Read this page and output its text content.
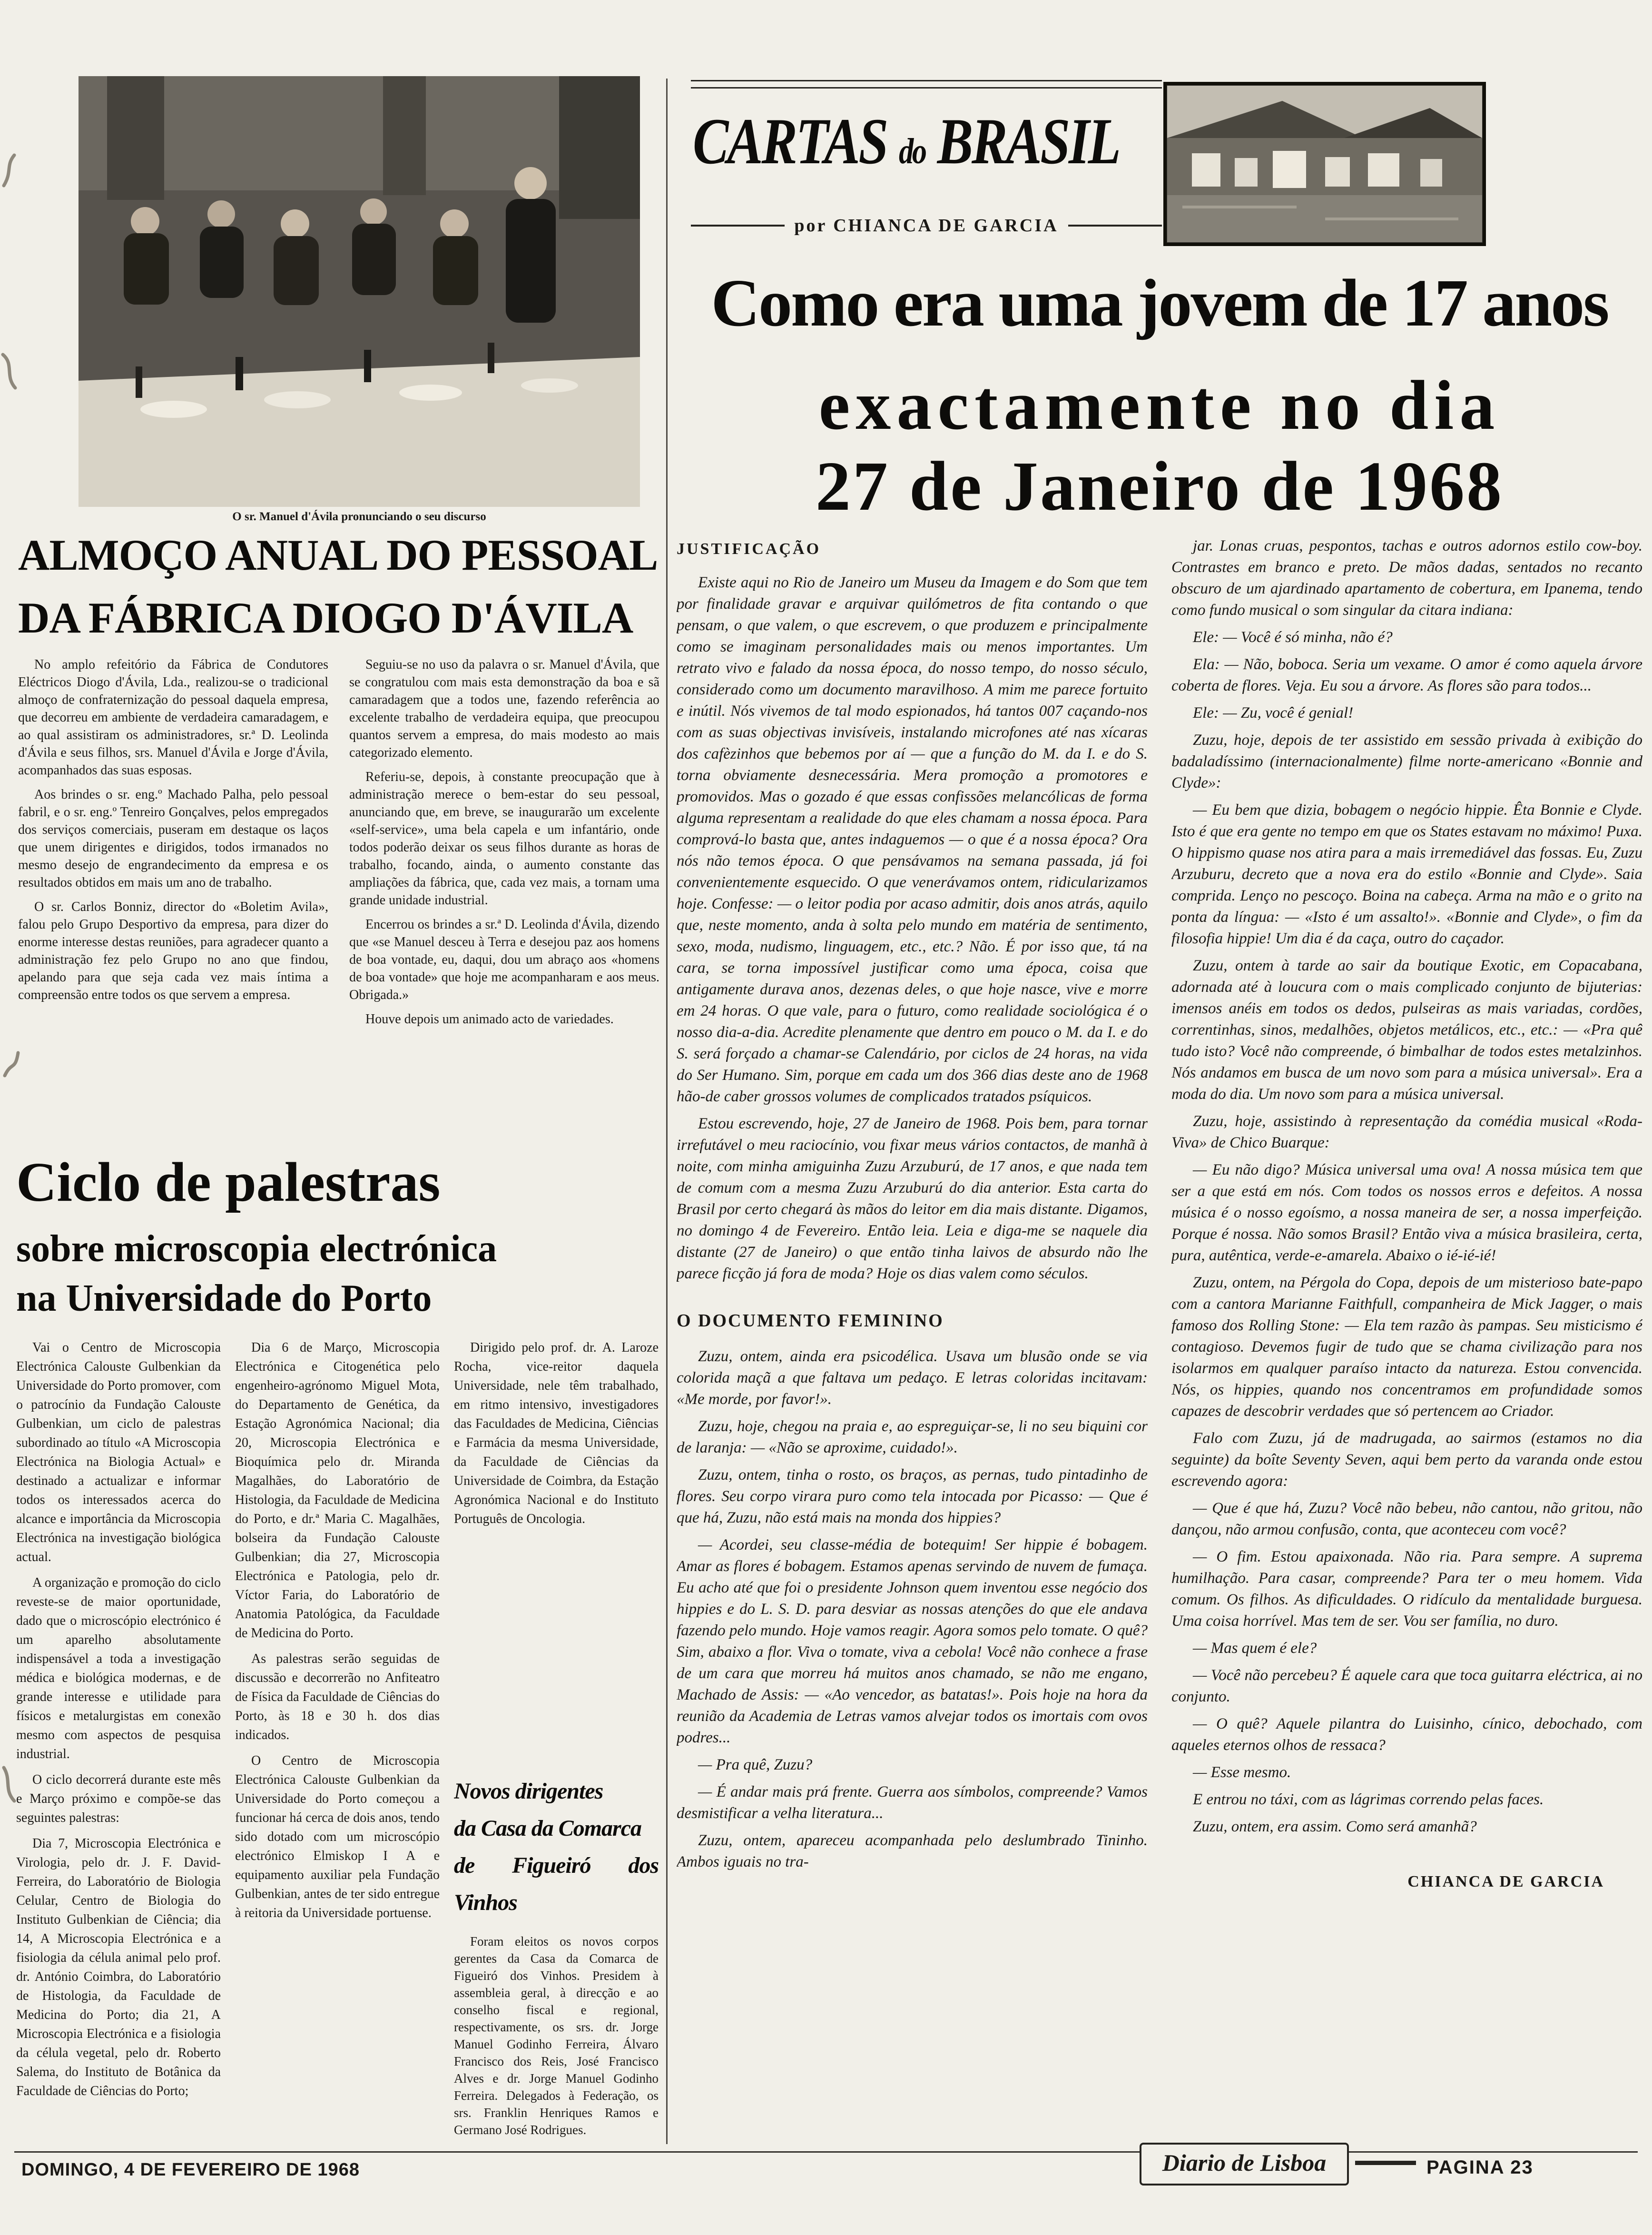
O sr. Manuel d'Ávila pronunciando o seu discurso
ALMOÇO ANUAL DO PESSOAL
DA FÁBRICA DIOGO D'ÁVILA

No amplo refeitório da Fábrica de Condutores Eléctricos Diogo d'Ávila, Lda., realizou-se o tradicional almoço de confraternização do pessoal daquela empresa, que decorreu em ambiente de verdadeira camaradagem, e ao qual assistiram os administradores, sr.ª D. Leolinda d'Ávila e seus filhos, srs. Manuel d'Ávila e Jorge d'Ávila, acompanhados das suas esposas.

Aos brindes o sr. eng.º Machado Palha, pelo pessoal fabril, e o sr. eng.º Tenreiro Gonçalves, pelos empregados dos serviços comerciais, puseram em destaque os laços que unem dirigentes e dirigidos, todos irmanados no mesmo desejo de engrandecimento da empresa e os resultados obtidos em mais um ano de trabalho.

O sr. Carlos Bonniz, director do «Boletim Avila», falou pelo Grupo Desportivo da empresa, para dizer do enorme interesse destas reuniões, para agradecer quanto a administração fez pelo Grupo no ano que findou, apelando para que seja cada vez mais íntima a compreensão entre todos os que servem a empresa.

Seguiu-se no uso da palavra o sr. Manuel d'Ávila, que se congratulou com mais esta demonstração da boa e sã camaradagem que a todos une, fazendo referência ao excelente trabalho de verdadeira equipa, que preocupou quantos servem a empresa, do mais modesto ao mais categorizado elemento.

Referiu-se, depois, à constante preocupação que à administração merece o bem-estar do seu pessoal, anunciando que, em breve, se inaugurarão um excelente «self-service», uma bela capela e um infantário, onde todos poderão deixar os seus filhos durante as horas de trabalho, focando, ainda, o aumento constante das ampliações da fábrica, que, cada vez mais, a tornam uma grande unidade industrial.

Encerrou os brindes a sr.ª D. Leolinda d'Ávila, dizendo que «se Manuel desceu à Terra e desejou paz aos homens de boa vontade, eu, daqui, dou um abraço aos «homens de boa vontade» que hoje me acompanharam e aos meus. Obrigada.»

Houve depois um animado acto de variedades.

Ciclo de palestras
sobre microscopia electrónica
na Universidade do Porto

Vai o Centro de Microscopia Electrónica Calouste Gulbenkian da Universidade do Porto promover, com o patrocínio da Fundação Calouste Gulbenkian, um ciclo de palestras subordinado ao título «A Microscopia Electrónica na Biologia Actual» e destinado a actualizar e informar todos os interessados acerca do alcance e importância da Microscopia Electrónica na investigação biológica actual.

A organização e promoção do ciclo reveste-se de maior oportunidade, dado que o microscópio electrónico é um aparelho absolutamente indispensável a toda a investigação médica e biológica modernas, e de grande interesse e utilidade para físicos e metalurgistas em conexão mesmo com aspectos de pesquisa industrial.

O ciclo decorrerá durante este mês e Março próximo e compõe-se das seguintes palestras:

Dia 7, Microscopia Electrónica e Virologia, pelo dr. J. F. David-Ferreira, do Laboratório de Biologia Celular, Centro de Biologia do Instituto Gulbenkian de Ciência; dia 14, A Microscopia Electrónica e a fisiologia da célula animal pelo prof. dr. António Coimbra, do Laboratório de Histologia, da Faculdade de Medicina do Porto; dia 21, A Microscopia Electrónica e a fisiologia da célula vegetal, pelo dr. Roberto Salema, do Instituto de Botânica da Faculdade de Ciências do Porto;

Dia 6 de Março, Microscopia Electrónica e Citogenética pelo engenheiro-agrónomo Miguel Mota, do Departamento de Genética, da Estação Agronómica Nacional; dia 20, Microscopia Electrónica e Bioquímica pelo dr. Miranda Magalhães, do Laboratório de Histologia, da Faculdade de Medicina do Porto, e dr.ª Maria C. Magalhães, bolseira da Fundação Calouste Gulbenkian; dia 27, Microscopia Electrónica e Patologia, pelo dr. Víctor Faria, do Laboratório de Anatomia Patológica, da Faculdade de Medicina do Porto.

As palestras serão seguidas de discussão e decorrerão no Anfiteatro de Física da Faculdade de Ciências do Porto, às 18 e 30 h. dos dias indicados.

O Centro de Microscopia Electrónica Calouste Gulbenkian da Universidade do Porto começou a funcionar há cerca de dois anos, tendo sido dotado com um microscópio electrónico Elmiskop I A e equipamento auxiliar pela Fundação Gulbenkian, antes de ter sido entregue à reitoria da Universidade portuense.

Dirigido pelo prof. dr. A. Laroze Rocha, vice-reitor daquela Universidade, nele têm trabalhado, em ritmo intensivo, investigadores das Faculdades de Medicina, Ciências e Farmácia da mesma Universidade, da Faculdade de Ciências da Universidade de Coimbra, da Estação Agronómica Nacional e do Instituto Português de Oncologia.

Novos dirigentes
da Casa da Comarca
de Figueiró dos Vinhos

Foram eleitos os novos corpos gerentes da Casa da Comarca de Figueiró dos Vinhos. Presidem à assembleia geral, à direcção e ao conselho fiscal e regional, respectivamente, os srs. dr. Jorge Manuel Godinho Ferreira, Álvaro Francisco dos Reis, José Francisco Alves e dr. Jorge Manuel Godinho Ferreira. Delegados à Federação, os srs. Franklin Henriques Ramos e Germano José Rodrigues.

CARTAS do BRASIL
por CHIANCA DE GARCIA
Como era uma jovem de 17 anos
exactamente no dia
27 de Janeiro de 1968
JUSTIFICAÇÃO

Existe aqui no Rio de Janeiro um Museu da Imagem e do Som que tem por finalidade gravar e arquivar quilómetros de fita contando o que pensam, o que valem, o que escrevem, o que produzem e principalmente como se imaginam personalidades mais ou menos importantes. Um retrato vivo e falado da nossa época, do nosso tempo, do nosso século, considerado como um documento maravilhoso. A mim me parece fortuito e inútil. Nós vivemos de tal modo espionados, há tantos 007 caçando-nos com as suas objectivas invisíveis, instalando microfones até nas xícaras dos cafèzinhos que bebemos por aí — que a função do M. da I. e do S. torna obviamente desnecessária. Mera promoção a promotores e promovidos. Mas o gozado é que essas confissões melancólicas de forma alguma representam a realidade do que eles chamam a nossa época. Para comprová-lo basta que, antes indaguemos — o que é a nossa época? Ora nós não temos época. O que pensávamos na semana passada, já foi convenientemente esquecido. O que venerávamos ontem, ridicularizamos hoje. Confesse: — o leitor podia por acaso admitir, dois anos atrás, aquilo que, neste momento, anda à solta pelo mundo em matéria de sentimento, sexo, moda, nudismo, linguagem, etc., etc.? Não. É por isso que, tá na cara, se torna impossível justificar como uma época, coisa que antigamente durava anos, dezenas deles, o que hoje nasce, vive e morre em 24 horas. O que vale, para o futuro, como realidade sociológica é o nosso dia-a-dia. Acredite plenamente que dentro em pouco o M. da I. e do S. será forçado a chamar-se Calendário, por ciclos de 24 horas, na vida do Ser Humano. Sim, porque em cada um dos 366 dias deste ano de 1968 hão-de caber grossos volumes de complicados tratados psíquicos.

Estou escrevendo, hoje, 27 de Janeiro de 1968. Pois bem, para tornar irrefutável o meu raciocínio, vou fixar meus vários contactos, de manhã à noite, com minha amiguinha Zuzu Arzuburú, de 17 anos, e que nada tem de comum com a mesma Zuzu Arzuburú do dia anterior. Esta carta do Brasil por certo chegará às mãos do leitor em dia mais distante. Digamos, no domingo 4 de Fevereiro. Então leia. Leia e diga-me se naquele dia distante (27 de Janeiro) o que então tinha laivos de absurdo não lhe parece ficção já fora de moda? Hoje os dias valem como séculos.

O DOCUMENTO FEMININO

Zuzu, ontem, ainda era psicodélica. Usava um blusão onde se via colorida maçã a que faltava um pedaço. E letras coloridas incitavam: «Me morde, por favor!».

Zuzu, hoje, chegou na praia e, ao espreguiçar-se, li no seu biquini cor de laranja: — «Não se aproxime, cuidado!».

Zuzu, ontem, tinha o rosto, os braços, as pernas, tudo pintadinho de flores. Seu corpo virara puro como tela intocada por Picasso: — Que é que há, Zuzu, não está mais na monda dos hippies?

— Acordei, seu classe-média de botequim! Ser hippie é bobagem. Amar as flores é bobagem. Estamos apenas servindo de nuvem de fumaça. Eu acho até que foi o presidente Johnson quem inventou esse negócio dos hippies e do L. S. D. para desviar as nossas atenções do que ele andava fazendo pelo mundo. Hoje vamos reagir. Agora somos pelo tomate. O quê? Sim, abaixo a flor. Viva o tomate, viva a cebola! Você não conhece a frase de um cara que morreu há muitos anos chamado, se não me engano, Machado de Assis: — «Ao vencedor, as batatas!». Pois hoje na hora da reunião da Academia de Letras vamos alvejar todos os imortais com ovos podres...

— Pra quê, Zuzu?

— É andar mais prá frente. Guerra aos símbolos, compreende? Vamos desmistificar a velha literatura...

Zuzu, ontem, apareceu acompanhada pelo deslumbrado Tininho. Ambos iguais no tra-

jar. Lonas cruas, pespontos, tachas e outros adornos estilo cow-boy. Contrastes em branco e preto. De mãos dadas, sentados no recanto obscuro de um ajardinado apartamento de cobertura, em Ipanema, tendo como fundo musical o som singular da citara indiana:

Ele: — Você é só minha, não é?

Ela: — Não, boboca. Seria um vexame. O amor é como aquela árvore coberta de flores. Veja. Eu sou a árvore. As flores são para todos...

Ele: — Zu, você é genial!

Zuzu, hoje, depois de ter assistido em sessão privada à exibição do badaladíssimo (internacionalmente) filme norte-americano «Bonnie and Clyde»:

— Eu bem que dizia, bobagem o negócio hippie. Êta Bonnie e Clyde. Isto é que era gente no tempo em que os States estavam no máximo! Puxa. O hippismo quase nos atira para a mais irremediável das fossas. Eu, Zuzu Arzuburu, decreto que a nova era do estilo «Bonnie and Clyde». Saia comprida. Lenço no pescoço. Boina na cabeça. Arma na mão e o grito na ponta da língua: — «Isto é um assalto!». «Bonnie and Clyde», o fim da filosofia hippie! Um dia é da caça, outro do caçador.

Zuzu, ontem à tarde ao sair da boutique Exotic, em Copacabana, adornada até à loucura com o mais complicado conjunto de bijuterias: imensos anéis em todos os dedos, pulseiras as mais variadas, cordões, correntinhas, sinos, medalhões, objetos metálicos, etc., etc.: — «Pra quê tudo isto? Você não compreende, ó bimbalhar de todos estes metalzinhos. Nós andamos em busca de um novo som para a música universal». Era a moda do dia. Um novo som para a música universal.

Zuzu, hoje, assistindo à representação da comédia musical «Roda-Viva» de Chico Buarque:

— Eu não digo? Música universal uma ova! A nossa música tem que ser a que está em nós. Com todos os nossos erros e defeitos. A nossa música é o nosso egoísmo, a nossa maneira de ser, a nossa imperfeição. Porque é nossa. Não somos Brasil? Então viva a música brasileira, certa, pura, autêntica, verde-e-amarela. Abaixo o ié-ié-ié!

Zuzu, ontem, na Pérgola do Copa, depois de um misterioso bate-papo com a cantora Marianne Faithfull, companheira de Mick Jagger, o mais famoso dos Rolling Stone: — Ela tem razão às pampas. Seu misticismo é contagioso. Devemos fugir de tudo que se chama civilização para nos isolarmos em qualquer paraíso intacto da natureza. Estou convencida. Nós, os hippies, quando nos concentramos em profundidade somos capazes de descobrir verdades que só pertencem ao Criador.

Falo com Zuzu, já de madrugada, ao sairmos (estamos no dia seguinte) da boîte Seventy Seven, aqui bem perto da varanda onde estou escrevendo agora:

— Que é que há, Zuzu? Você não bebeu, não cantou, não gritou, não dançou, não armou confusão, conta, que aconteceu com você?

— O fim. Estou apaixonada. Não ria. Para sempre. A suprema humilhação. Para casar, compreende? Para ter o meu homem. Vida comum. Os filhos. As dificuldades. O ridículo da mentalidade burguesa. Uma coisa horrível. Mas tem de ser. Vou ser família, no duro.

— Mas quem é ele?

— Você não percebeu? É aquele cara que toca guitarra eléctrica, ai no conjunto.

— O quê? Aquele pilantra do Luisinho, cínico, debochado, com aqueles eternos olhos de ressaca?

— Esse mesmo.

E entrou no táxi, com as lágrimas correndo pelas faces.

Zuzu, ontem, era assim. Como será amanhã?

CHIANCA DE GARCIA
DOMINGO, 4 DE FEVEREIRO DE 1968	Diario de Lisboa	PAGINA 23
